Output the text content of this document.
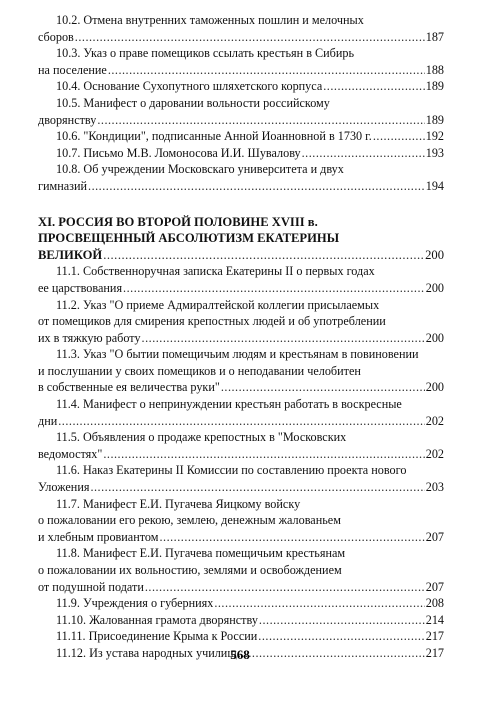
10.2. Отмена внутренних таможенных пошлин и мелочных
сборов .....	187
10.3. Указ о праве помещиков ссылать крестьян в Сибирь
на поселение .....	188
10.4. Основание Сухопутного шляхетского корпуса .....	189
10.5. Манифест о даровании вольности российскому
дворянству .....	189
10.6. "Кондиции", подписанные Анной Иоанновной в 1730 г. .....	192
10.7. Письмо М.В. Ломоносова И.И. Шувалову .....	193
10.8. Об учреждении Московскаго университета и двух
гимназий .....	194
XI. РОССИЯ ВО ВТОРОЙ ПОЛОВИНЕ XVIII в.
ПРОСВЕЩЕННЫЙ АБСОЛЮТИЗМ ЕКАТЕРИНЫ
ВЕЛИКОЙ .....	200
11.1. Собственноручная записка Екатерины II о первых годах
ее царствования .....	200
11.2. Указ "О приеме Адмиралтейской коллегии присылаемых
от помещиков для смирения крепостных людей и об употреблении
их в тяжкую работу .....	200
11.3. Указ "О бытии помещичьим людям и крестьянам в повиновении
и послушании у своих помещиков и о неподавании челобитен
в собственные ея величества руки" .....	200
11.4. Манифест о непринуждении крестьян работать в воскресные
дни .....	202
11.5. Объявления о продаже крепостных в "Московских
ведомостях" .....	202
11.6. Наказ Екатерины II Комиссии по составлению проекта нового
Уложения .....	203
11.7. Манифест Е.И. Пугачева Яицкому войску
о пожаловании его рекою, землею, денежным жалованьем
и хлебным провиантом .....	207
11.8. Манифест Е.И. Пугачева помещичьим крестьянам
о пожаловании их вольностию, землями и освобождением
от подушной подати .....	207
11.9. Учреждения о губерниях .....	208
11.10. Жалованная грамота дворянству .....	214
11.11. Присоединение Крыма к России .....	217
11.12. Из устава народных училищ .....	217
568
